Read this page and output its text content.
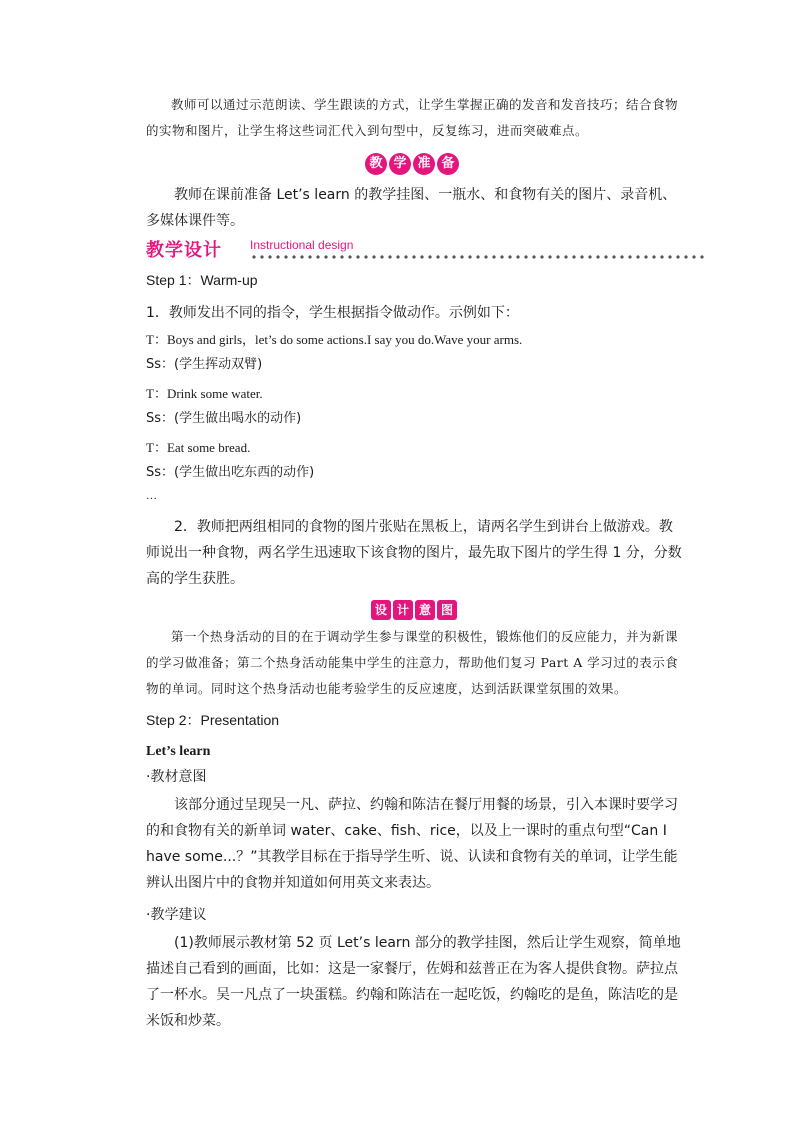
教师可以通过示范朗读、学生跟读的方式，让学生掌握正确的发音和发音技巧；结合食物的实物和图片，让学生将这些词汇代入到句型中，反复练习，进而突破难点。
教 学 准 备
教师在课前准备 Let’s learn 的教学挂图、一瓶水、和食物有关的图片、录音机、多媒体课件等。
教学设计 Instructional design
Step 1：Warm-up
1．教师发出不同的指令，学生根据指令做动作。示例如下：
T：Boys and girls，let’s do some actions.I say you do.Wave your arms.
Ss：(学生挥动双臂)
T：Drink some water.
Ss：(学生做出喝水的动作)
T：Eat some bread.
Ss：(学生做出吃东西的动作)
…
2．教师把两组相同的食物的图片张贴在黑板上，请两名学生到讲台上做游戏。教师说出一种食物，两名学生迅速取下该食物的图片，最先取下图片的学生得 1 分，分数高的学生获胜。
设 计 意 图
第一个热身活动的目的在于调动学生参与课堂的积极性，锻炼他们的反应能力，并为新课的学习做准备；第二个热身活动能集中学生的注意力，帮助他们复习 Part A 学习过的表示食物的单词。同时这个热身活动也能考验学生的反应速度，达到活跃课堂氛围的效果。
Step 2：Presentation
Let’s learn
·教材意图
该部分通过呈现吴一凡、萨拉、约翰和陈洁在餐厅用餐的场景，引入本课时要学习的和食物有关的新单词 water、cake、fish、rice，以及上一课时的重点句型“Can I have some...？”其教学目标在于指导学生听、说、认读和食物有关的单词，让学生能辨认出图片中的食物并知道如何用英文来表达。
·教学建议
(1)教师展示教材第 52 页 Let’s learn 部分的教学挂图，然后让学生观察，简单地描述自己看到的画面，比如：这是一家餐厅，佐姆和兹普正在为客人提供食物。萨拉点了一杯水。吴一凡点了一块蛋糕。约翰和陈洁在一起吃饭，约翰吃的是鱼，陈洁吃的是米饭和炒菜。
